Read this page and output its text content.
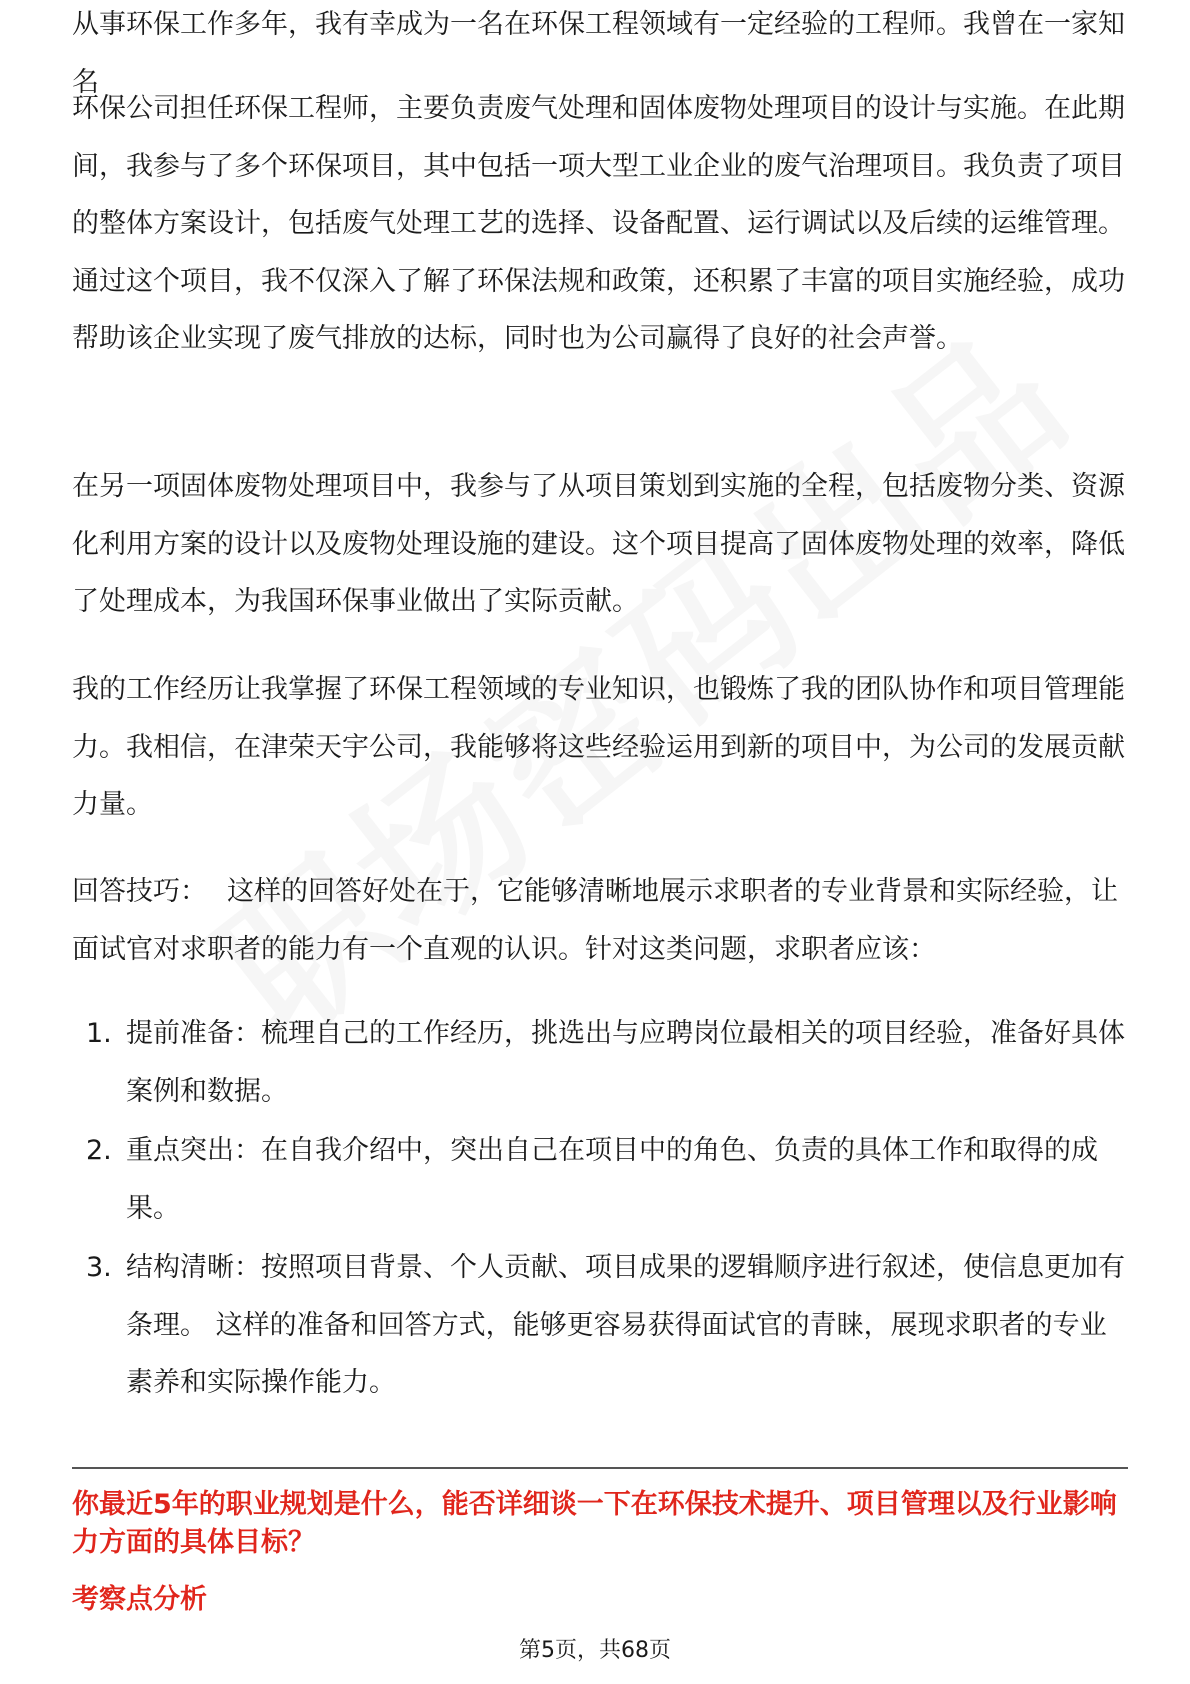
从事环保工作多年，我有幸成为一名在环保工程领域有一定经验的工程师。我曾在一家知名

环保公司担任环保工程师，主要负责废气处理和固体废物处理项目的设计与实施。在此期间，我参与了多个环保项目，其中包括一项大型工业企业的废气治理项目。我负责了项目的整体方案设计，包括废气处理工艺的选择、设备配置、运行调试以及后续的运维管理。通过这个项目，我不仅深入了解了环保法规和政策，还积累了丰富的项目实施经验，成功帮助该企业实现了废气排放的达标，同时也为公司赢得了良好的社会声誉。

在另一项固体废物处理项目中，我参与了从项目策划到实施的全程，包括废物分类、资源化利用方案的设计以及废物处理设施的建设。这个项目提高了固体废物处理的效率，降低了处理成本，为我国环保事业做出了实际贡献。

我的工作经历让我掌握了环保工程领域的专业知识，也锻炼了我的团队协作和项目管理能力。我相信，在津荣天宇公司，我能够将这些经验运用到新的项目中，为公司的发展贡献力量。

回答技巧： 这样的回答好处在于，它能够清晰地展示求职者的专业背景和实际经验，让面试官对求职者的能力有一个直观的认识。针对这类问题，求职者应该：

1. 提前准备：梳理自己的工作经历，挑选出与应聘岗位最相关的项目经验，准备好具体案例和数据。
2. 重点突出：在自我介绍中，突出自己在项目中的角色、负责的具体工作和取得的成果。
3. 结构清晰：按照项目背景、个人贡献、项目成果的逻辑顺序进行叙述，使信息更加有条理。 这样的准备和回答方式，能够更容易获得面试官的青睐，展现求职者的专业素养和实际操作能力。

你最近5年的职业规划是什么，能否详细谈一下在环保技术提升、项目管理以及行业影响力方面的具体目标？

考察点分析

第5页，共68页
